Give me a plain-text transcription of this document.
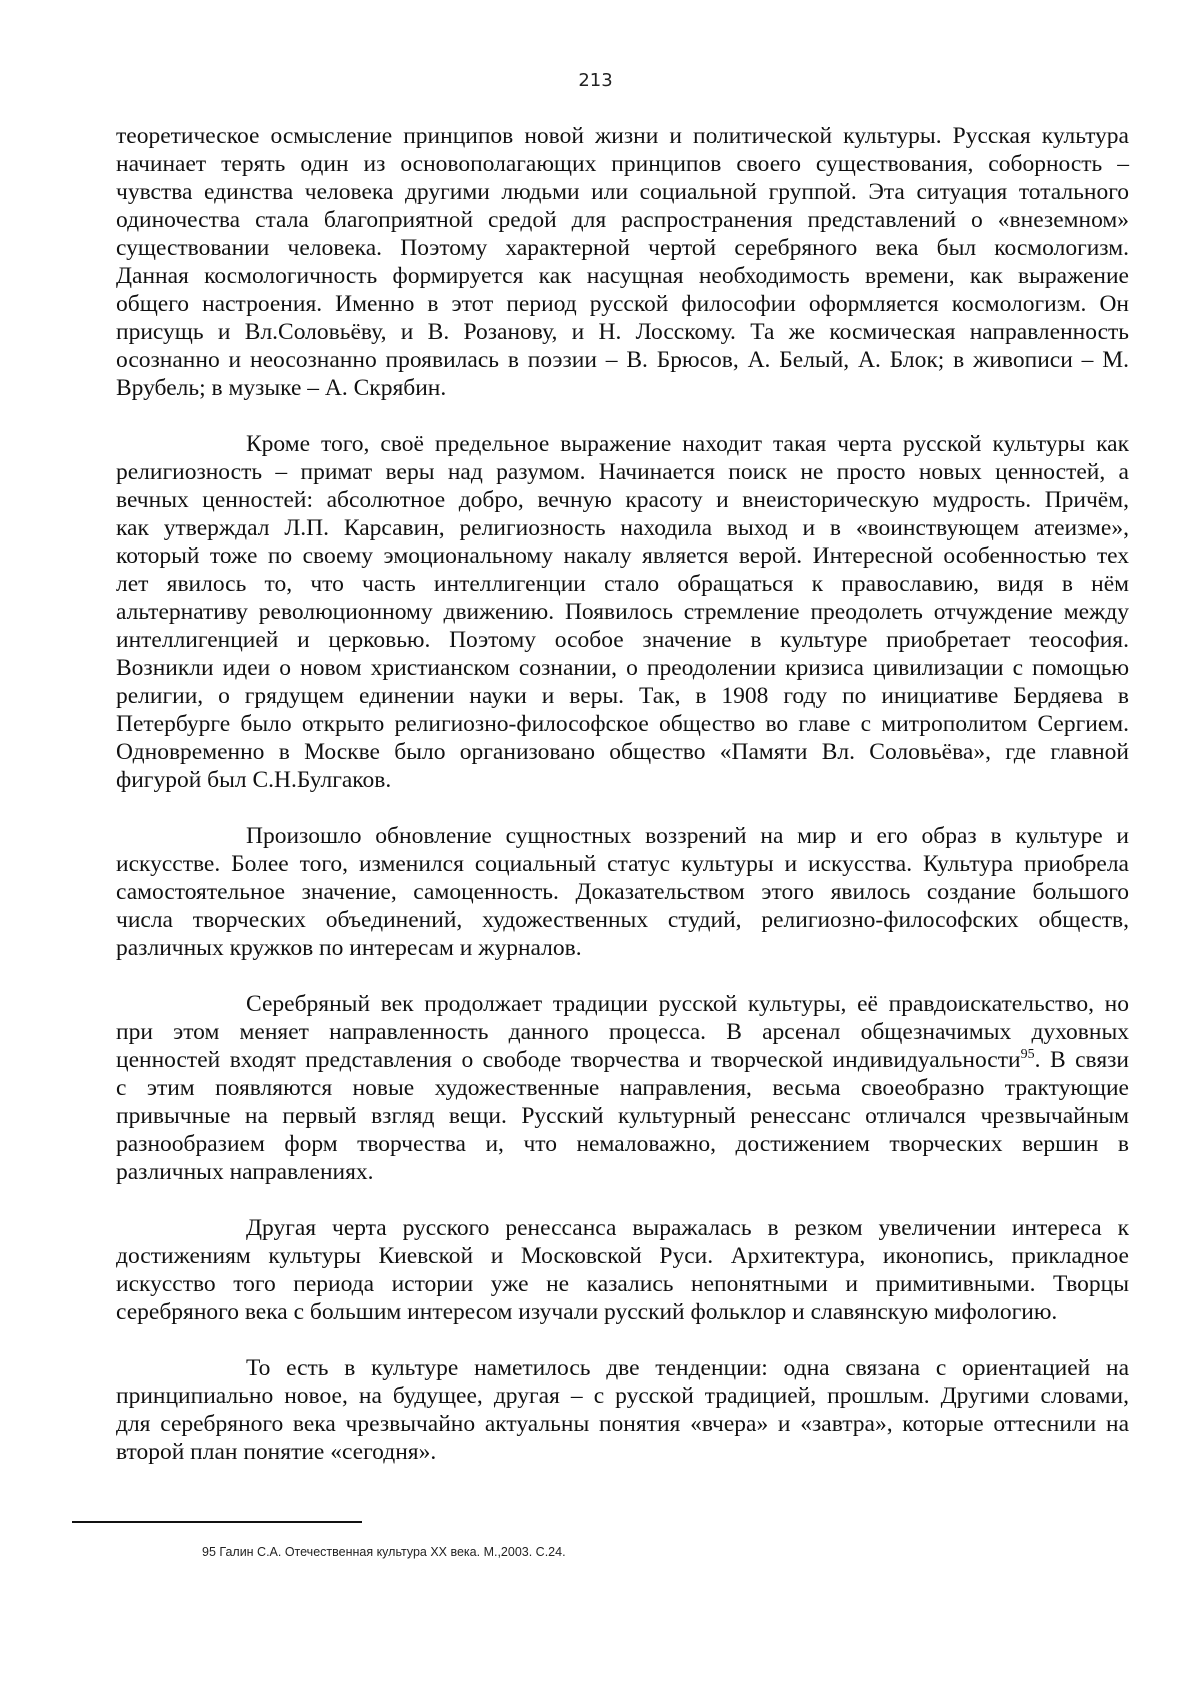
213

теоретическое осмысление принципов новой жизни и политической культуры. Русская культура
начинает терять один из основополагающих принципов своего существования, соборность –
чувства единства человека другими людьми или социальной группой. Эта ситуация тотального
одиночества стала благоприятной средой для распространения представлений о «внеземном»
существовании человека. Поэтому характерной чертой серебряного века был космологизм.
Данная космологичность формируется как насущная необходимость времени, как выражение
общего настроения. Именно в этот период русской философии оформляется космологизм. Он
присущь и Вл.Соловьёву, и В. Розанову, и Н. Лосскому. Та же космическая направленность
осознанно и неосознанно проявилась в поэзии – В. Брюсов, А. Белый, А. Блок; в живописи – М.
Врубель; в музыке – А. Скрябин.

Кроме того, своё предельное выражение находит такая черта русской культуры как
религиозность – примат веры над разумом. Начинается поиск не просто новых ценностей, а
вечных ценностей: абсолютное добро, вечную красоту и внеисторическую мудрость. Причём,
как утверждал Л.П. Карсавин, религиозность находила выход и в «воинствующем атеизме»,
который тоже по своему эмоциональному накалу является верой. Интересной особенностью тех
лет явилось то, что часть интеллигенции стало обращаться к православию, видя в нём
альтернативу революционному движению. Появилось стремление преодолеть отчуждение между
интеллигенцией и церковью. Поэтому особое значение в культуре приобретает теософия.
Возникли идеи о новом христианском сознании, о преодолении кризиса цивилизации с помощью
религии, о грядущем единении науки и веры. Так, в 1908 году по инициативе Бердяева в
Петербурге было открыто религиозно-философское общество во главе с митрополитом Сергием.
Одновременно в Москве было организовано общество «Памяти Вл. Соловьёва», где главной
фигурой был С.Н.Булгаков.

Произошло обновление сущностных воззрений на мир и его образ в культуре и
искусстве. Более того, изменился социальный статус культуры и искусства. Культура приобрела
самостоятельное значение, самоценность. Доказательством этого явилось создание большого
числа творческих объединений, художественных студий, религиозно-философских обществ,
различных кружков по интересам и журналов.

Серебряный век продолжает традиции русской культуры, её правдоискательство, но
при этом меняет направленность данного процесса. В арсенал общезначимых духовных
ценностей входят представления о свободе творчества и творческой индивидуальности$^{95}$. В связи
с этим появляются новые художественные направления, весьма своеобразно трактующие
привычные на первый взгляд вещи. Русский культурный ренессанс отличался чрезвычайным
разнообразием форм творчества и, что немаловажно, достижением творческих вершин в
различных направлениях.

Другая черта русского ренессанса выражалась в резком увеличении интереса к
достижениям культуры Киевской и Московской Руси. Архитектура, иконопись, прикладное
искусство того периода истории уже не казались непонятными и примитивными. Творцы
серебряного века с большим интересом изучали русский фольклор и славянскую мифологию.

То есть в культуре наметилось две тенденции: одна связана с ориентацией на
принципиально новое, на будущее, другая – с русской традицией, прошлым. Другими словами,
для серебряного века чрезвычайно актуальны понятия «вчера» и «завтра», которые оттеснили на
второй план понятие «сегодня».

95 Галин С.А. Отечественная культура XX века. М.,2003. С.24.
